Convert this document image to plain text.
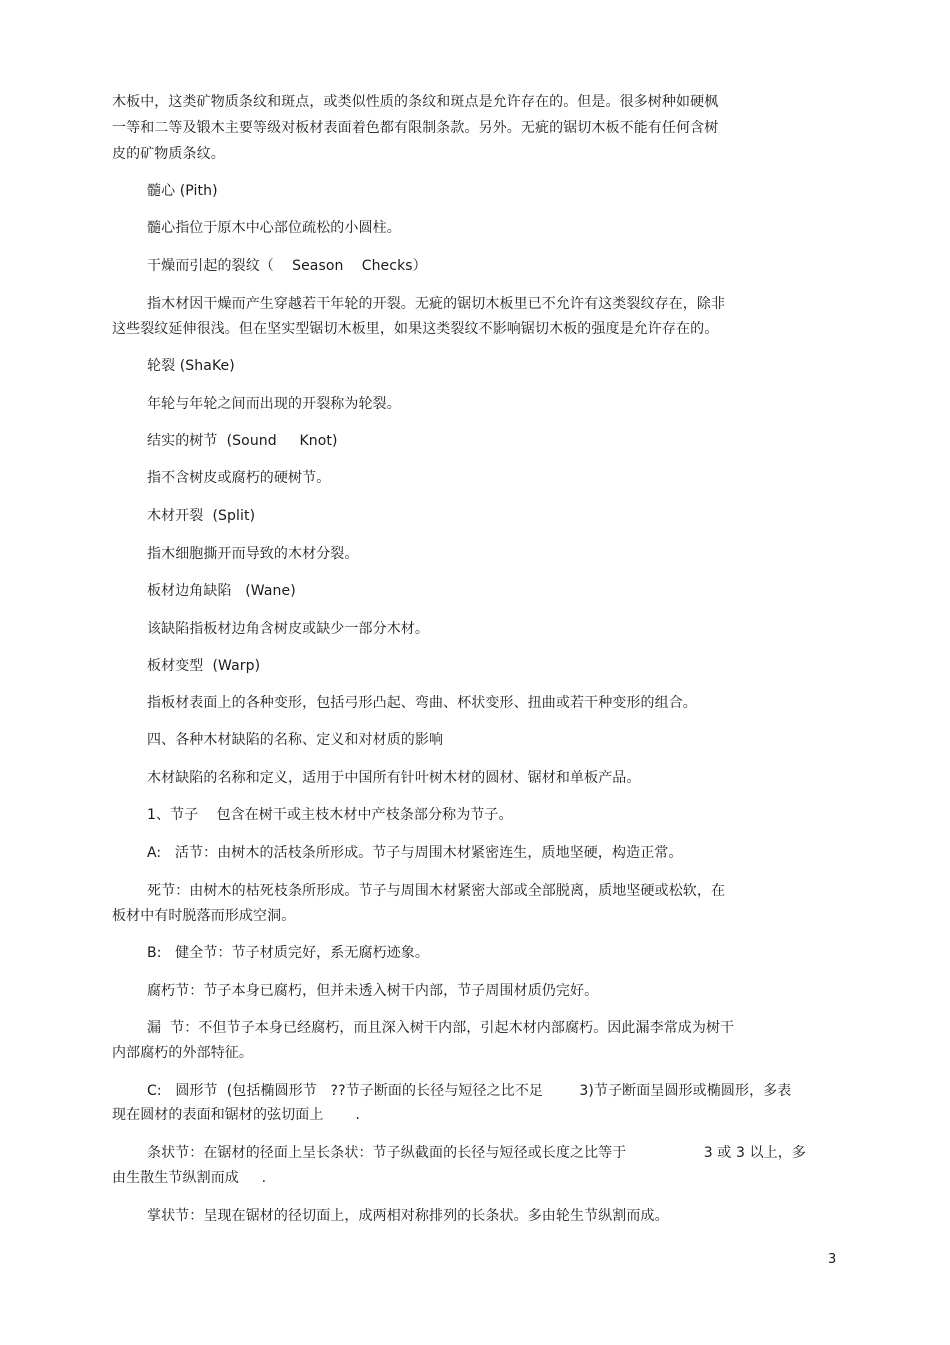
木板中，这类矿物质条纹和斑点，或类似性质的条纹和斑点是允许存在的。但是。很多树种如硬枫
一等和二等及锻木主要等级对板材表面着色都有限制条款。另外。无疵的锯切木板不能有任何含树
皮的矿物质条纹。
髓心 (Pith)
髓心指位于原木中心部位疏松的小圆柱。
干燥而引起的裂纹（    Season    Checks）
指木材因干燥而产生穿越若干年轮的开裂。无疵的锯切木板里已不允许有这类裂纹存在，除非
这些裂纹延伸很浅。但在坚实型锯切木板里，如果这类裂纹不影响锯切木板的强度是允许存在的。
轮裂 (ShaKe)
年轮与年轮之间而出现的开裂称为轮裂。
结实的树节  (Sound     Knot)
指不含树皮或腐朽的硬树节。
木材开裂  (Split)
指木细胞撕开而导致的木材分裂。
板材边角缺陷   (Wane)
该缺陷指板材边角含树皮或缺少一部分木材。
板材变型  (Warp)
指板材表面上的各种变形，包括弓形凸起、弯曲、杯状变形、扭曲或若干种变形的组合。
四、各种木材缺陷的名称、定义和对材质的影响
木材缺陷的名称和定义，适用于中国所有针叶树木材的圆材、锯材和单板产品。
1、节子    包含在树干或主枝木材中产枝条部分称为节子。
A:   活节：由树木的活枝条所形成。节子与周围木材紧密连生，质地坚硬，构造正常。
死节：由树木的枯死枝条所形成。节子与周围木材紧密大部或全部脱离，质地坚硬或松软，在
板材中有时脱落而形成空洞。
B:   健全节：节子材质完好，系无腐朽迹象。
腐朽节：节子本身已腐朽，但并未透入树干内部，节子周围材质仍完好。
漏  节：不但节子本身已经腐朽，而且深入树干内部，引起木材内部腐朽。因此漏李常成为树干
内部腐朽的外部特征。
C:   圆形节  (包括椭圆形节   ??节子断面的长径与短径之比不足        3)节子断面呈圆形或椭圆形，多表
现在圆材的表面和锯材的弦切面上       .
条状节：在锯材的径面上呈长条状：节子纵截面的长径与短径或长度之比等于                 3 或 3 以上，多
由生散生节纵割而成     .
掌状节：呈现在锯材的径切面上，成两相对称排列的长条状。多由轮生节纵割而成。
3
